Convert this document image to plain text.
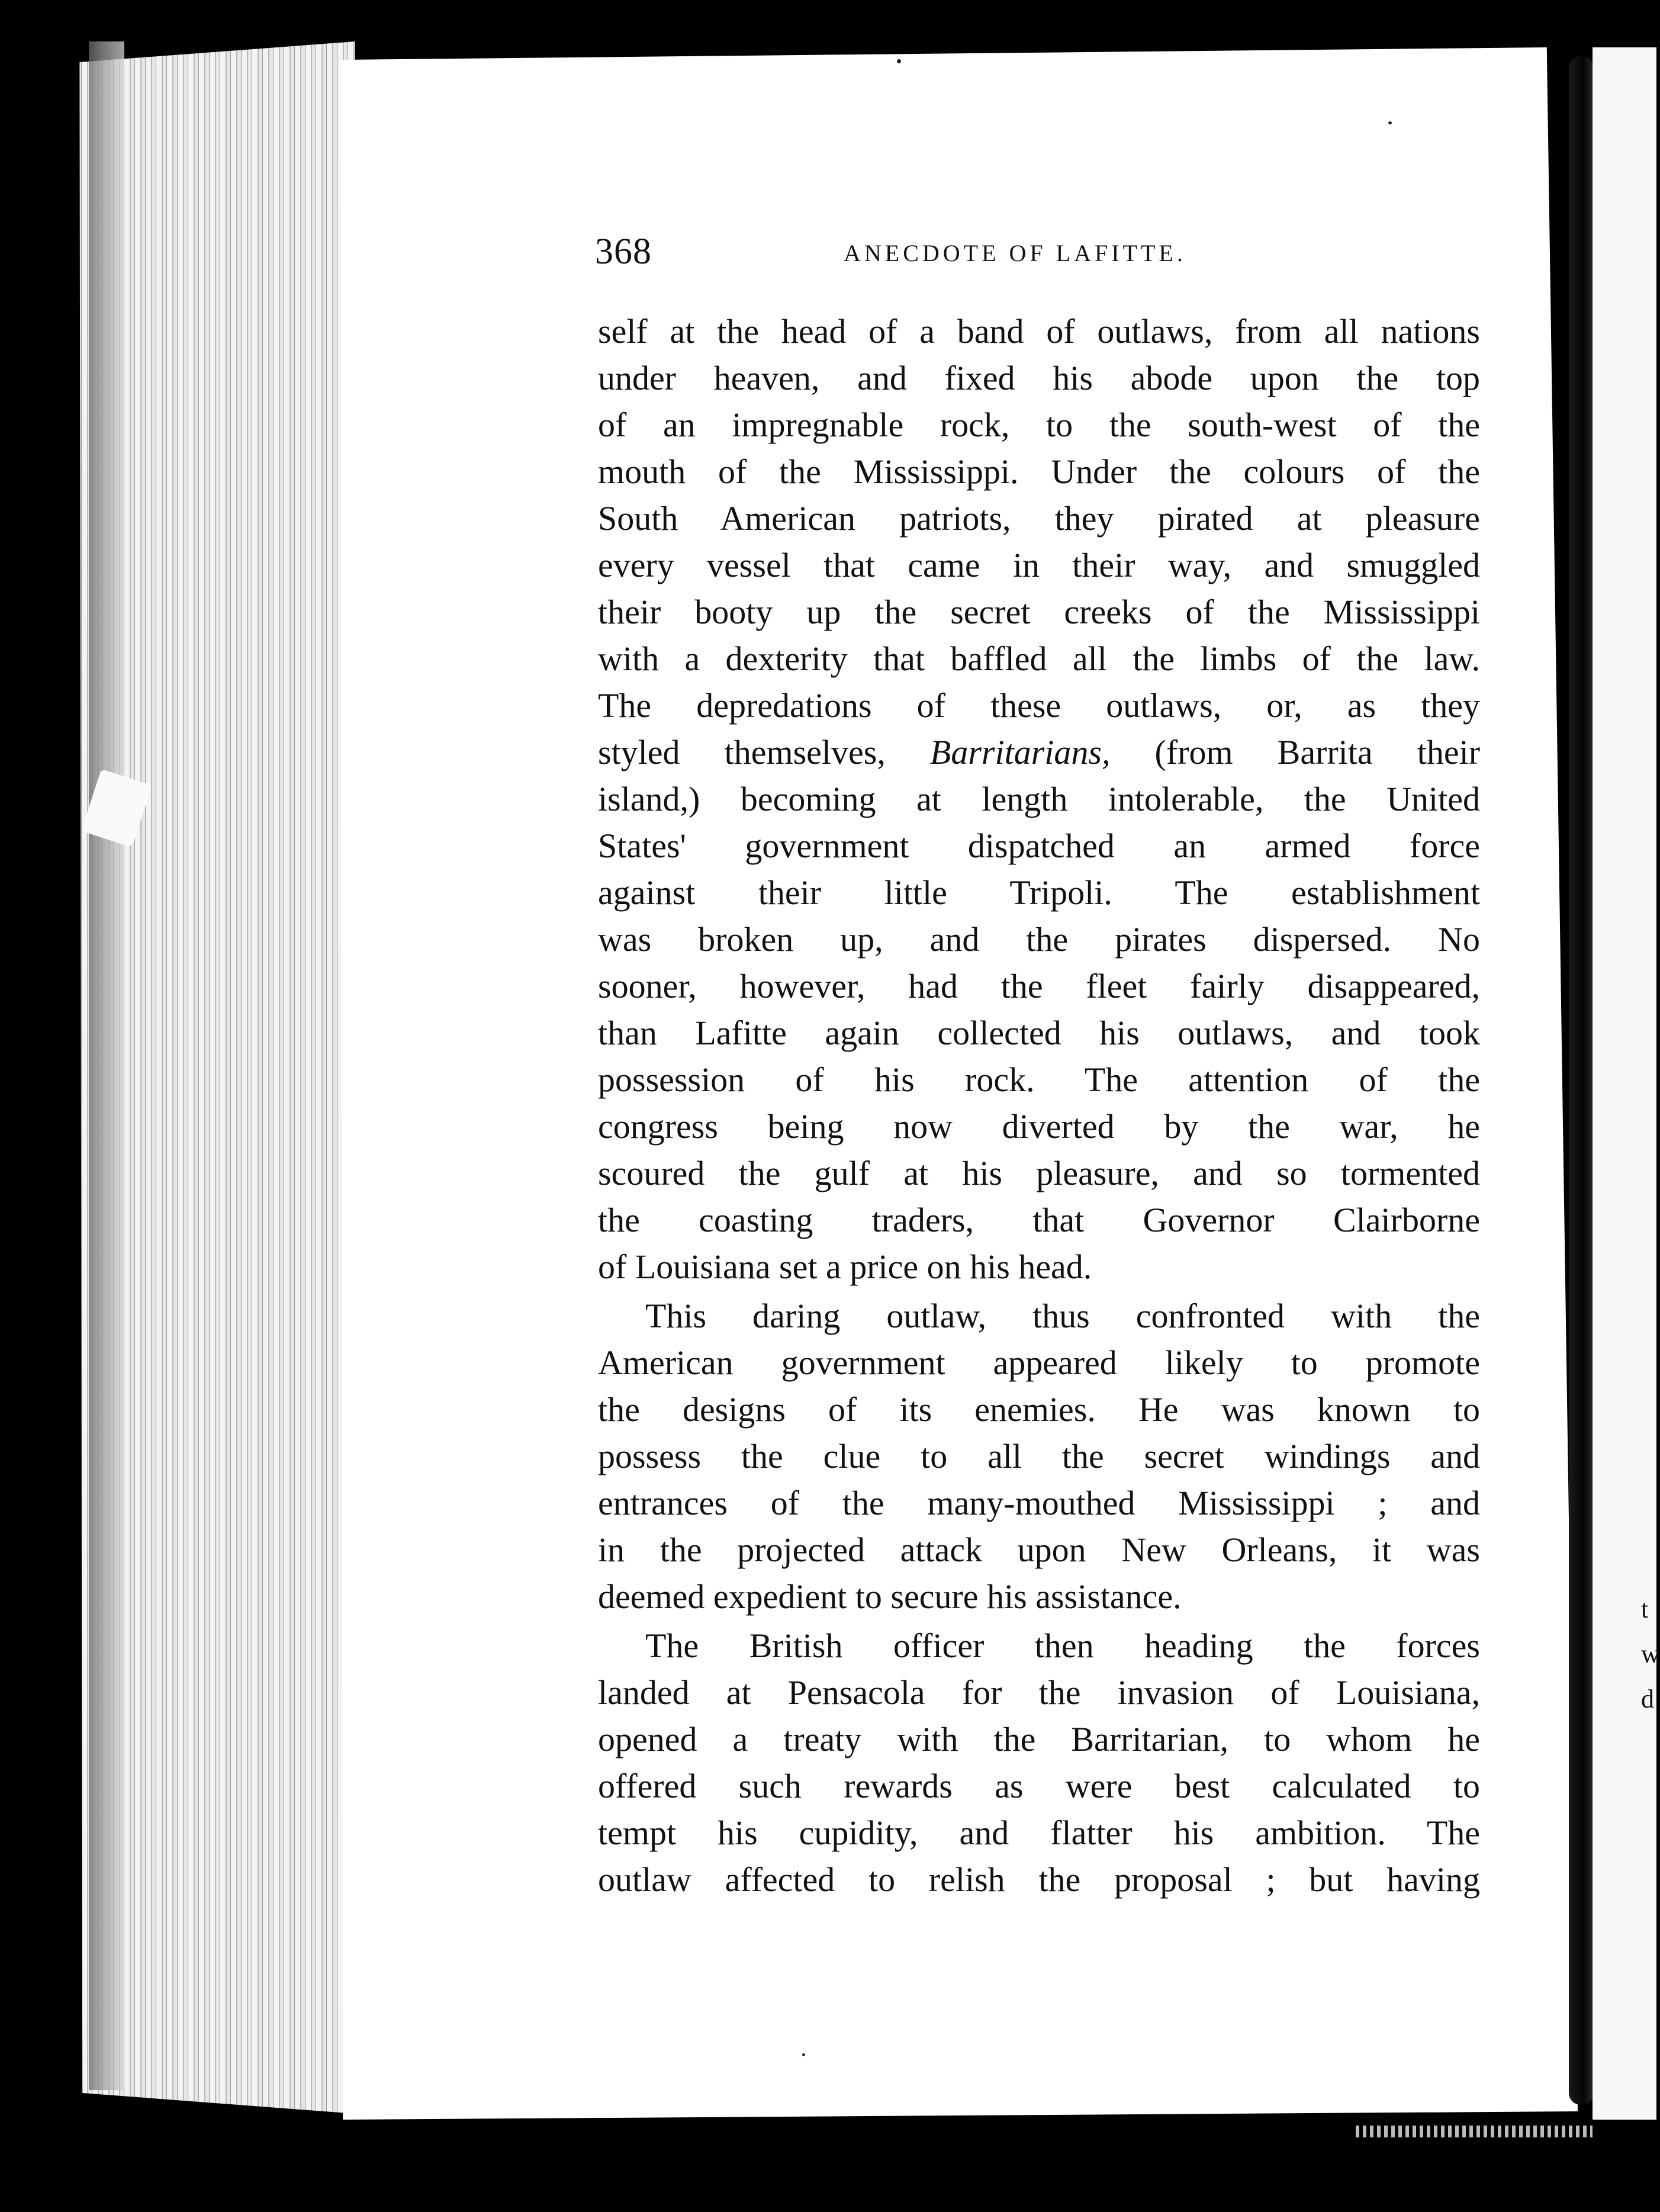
t
w
d
368	ANECDOTE OF LAFITTE.
self at the head of a band of outlaws, from all nations
under heaven, and fixed his abode upon the top
of an impregnable rock, to the south-west of the
mouth of the Mississippi. Under the colours of the
South American patriots, they pirated at pleasure
every vessel that came in their way, and smuggled
their booty up the secret creeks of the Mississippi
with a dexterity that baffled all the limbs of the law.
The depredations of these outlaws, or, as they
styled themselves, Barritarians, (from Barrita their
island,) becoming at length intolerable, the United
States' government dispatched an armed force
against their little Tripoli. The establishment
was broken up, and the pirates dispersed. No
sooner, however, had the fleet fairly disappeared,
than Lafitte again collected his outlaws, and took
possession of his rock. The attention of the
congress being now diverted by the war, he
scoured the gulf at his pleasure, and so tormented
the coasting traders, that Governor Clairborne
of Louisiana set a price on his head.
This daring outlaw, thus confronted with the
American government appeared likely to promote
the designs of its enemies. He was known to
possess the clue to all the secret windings and
entrances of the many-mouthed Mississippi ; and
in the projected attack upon New Orleans, it was
deemed expedient to secure his assistance.
The British officer then heading the forces
landed at Pensacola for the invasion of Louisiana,
opened a treaty with the Barritarian, to whom he
offered such rewards as were best calculated to
tempt his cupidity, and flatter his ambition. The
outlaw affected to relish the proposal ; but having
